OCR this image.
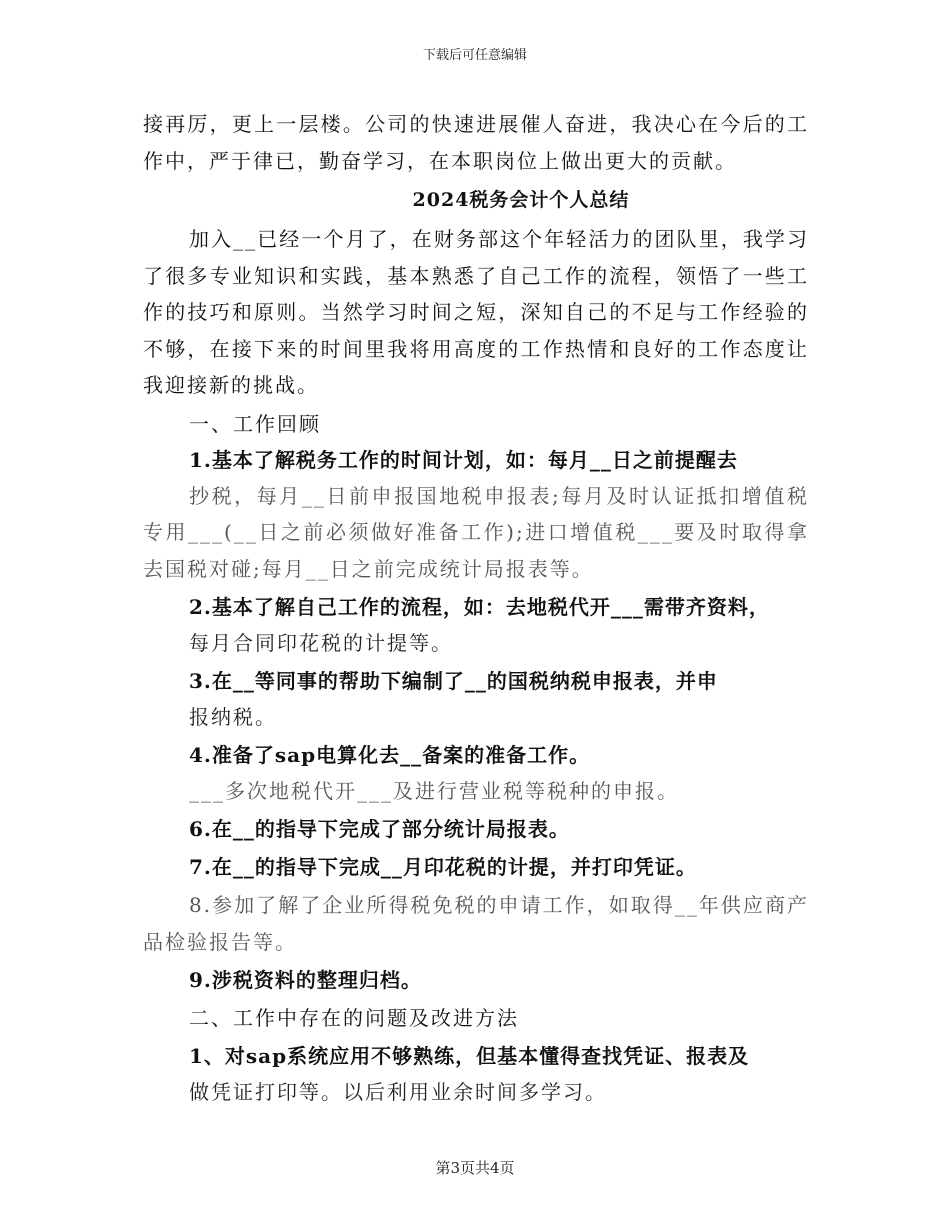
下载后可任意编辑

接再厉，更上一层楼。公司的快速进展催人奋进，我决心在今后的工作中，严于律已，勤奋学习，在本职岗位上做出更大的贡献。

2024税务会计个人总结

加入__已经一个月了，在财务部这个年轻活力的团队里，我学习了很多专业知识和实践，基本熟悉了自己工作的流程，领悟了一些工作的技巧和原则。当然学习时间之短，深知自己的不足与工作经验的不够，在接下来的时间里我将用高度的工作热情和良好的工作态度让我迎接新的挑战。

一、工作回顾

1.基本了解税务工作的时间计划，如：每月__日之前提醒去

抄税，每月__日前申报国地税申报表;每月及时认证抵扣增值税专用___(__日之前必须做好准备工作);进口增值税___要及时取得拿去国税对碰;每月__日之前完成统计局报表等。

2.基本了解自己工作的流程，如：去地税代开___需带齐资料，

每月合同印花税的计提等。

3.在__等同事的帮助下编制了__的国税纳税申报表，并申

报纳税。

4.准备了sap电算化去__备案的准备工作。

___多次地税代开___及进行营业税等税种的申报。

6.在__的指导下完成了部分统计局报表。

7.在__的指导下完成__月印花税的计提，并打印凭证。

8.参加了解了企业所得税免税的申请工作，如取得__年供应商产品检验报告等。

9.涉税资料的整理归档。

二、工作中存在的问题及改进方法

1、对sap系统应用不够熟练，但基本懂得查找凭证、报表及

做凭证打印等。以后利用业余时间多学习。

第3页共4页
